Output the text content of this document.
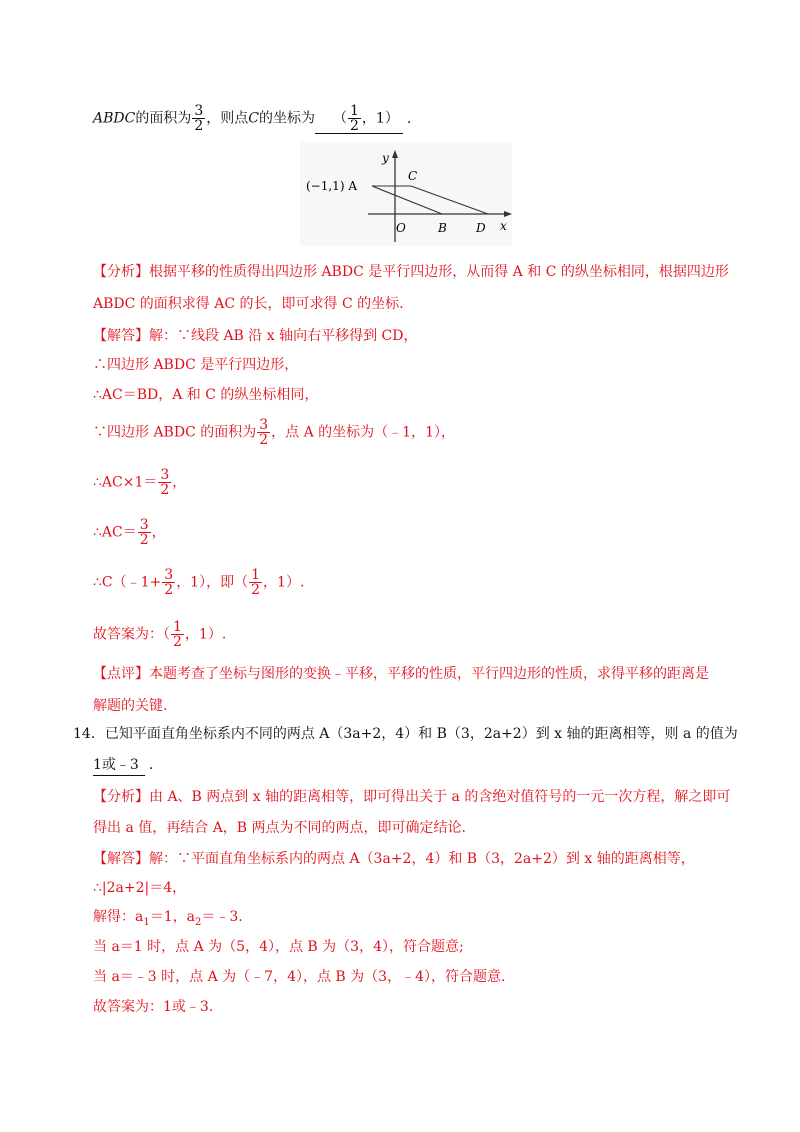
ABDC的面积为 $\frac{3}{2}$ ，则点C的坐标为 （ $\frac{1}{2}$ ，1） .
y
x
(−1,1) A
C
O	B D
【分析】根据平移的性质得出四边形 ABDC 是平行四边形，从而得 A 和 C 的纵坐标相同，根据四边形
ABDC 的面积求得 AC 的长，即可求得 C 的坐标.
【解答】解：∵线段 AB 沿 x 轴向右平移得到 CD，
∴四边形 ABDC 是平行四边形，
∴AC＝BD，A 和 C 的纵坐标相同，
∵四边形 ABDC 的面积为 $\frac{3}{2}$ ，点 A 的坐标为（﹣1，1），
∴AC×1＝ $\frac{3}{2}$ ，
∴AC＝ $\frac{3}{2}$ ，
∴C（﹣1+ $\frac{3}{2}$ ，1），即（ $\frac{1}{2}$ ，1）.
故答案为：（ $\frac{1}{2}$ ，1）.
【点评】本题考查了坐标与图形的变换﹣平移，平移的性质，平行四边形的性质，求得平移的距离是
解题的关键.
14．已知平面直角坐标系内不同的两点 A（3a+2，4）和 B（3，2a+2）到 x 轴的距离相等，则 a 的值为
1或﹣3 .
【分析】由 A、B 两点到 x 轴的距离相等，即可得出关于 a 的含绝对值符号的一元一次方程，解之即可
得出 a 值，再结合 A，B 两点为不同的两点，即可确定结论.
【解答】解：∵平面直角坐标系内的两点 A（3a+2，4）和 B（3，2a+2）到 x 轴的距离相等，
∴|2a+2|＝4，
解得：$a_1=1$，$a_2=﹣3$.
当 a＝1 时，点 A 为（5，4），点 B 为（3，4），符合题意;
当 a＝﹣3 时，点 A 为（﹣7，4），点 B 为（3，﹣4），符合题意.
故答案为：1或﹣3.
